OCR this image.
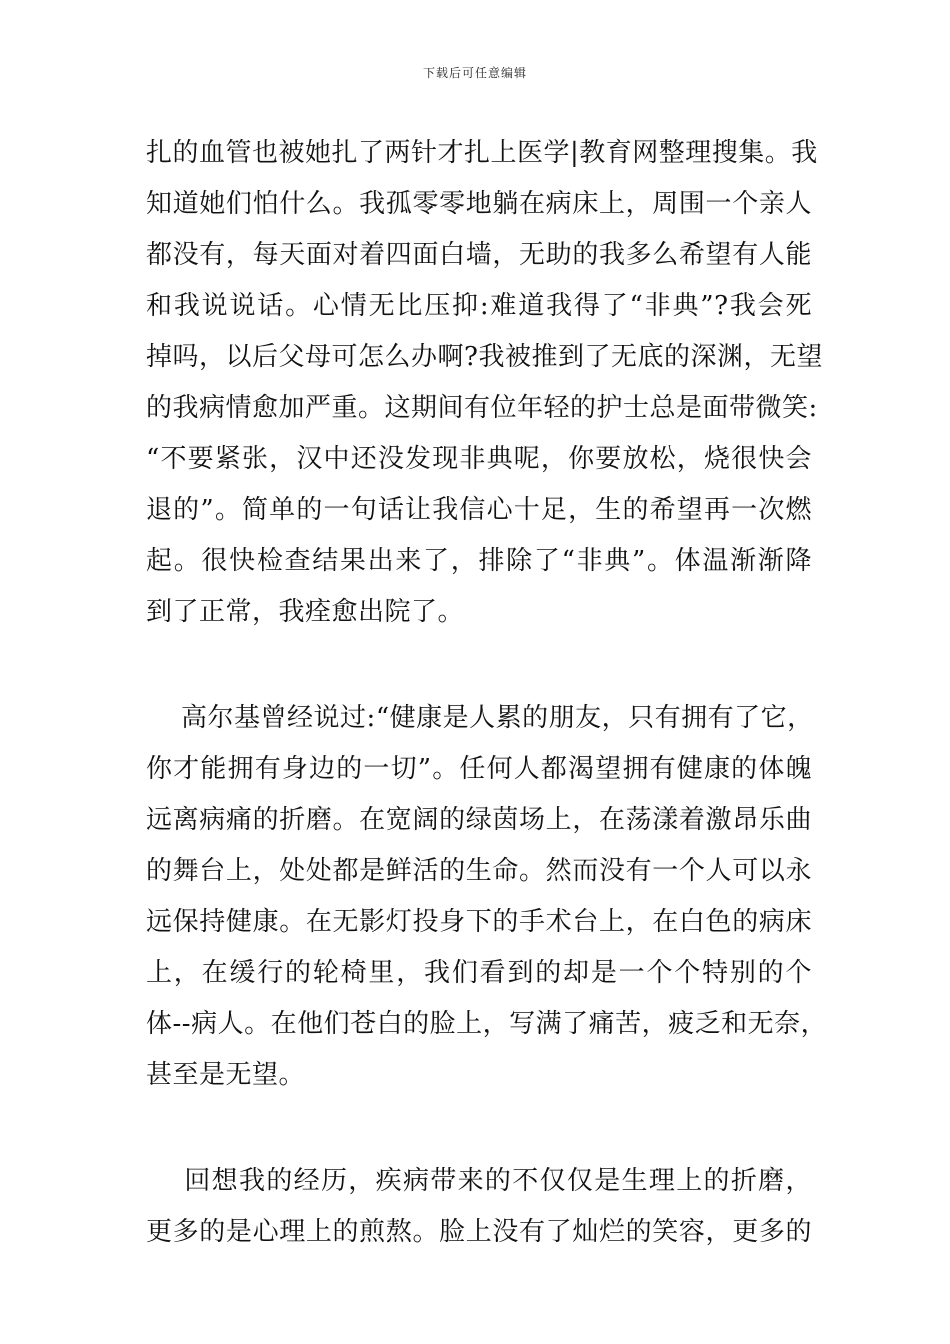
下载后可任意编辑
扎的血管也被她扎了两针才扎上医学|教育网整理搜集。我
知道她们怕什么。我孤零零地躺在病床上，周围一个亲人
都没有，每天面对着四面白墙，无助的我多么希望有人能
和我说说话。心情无比压抑:难道我得了“非典”?我会死
掉吗，以后父母可怎么办啊?我被推到了无底的深渊，无望
的我病情愈加严重。这期间有位年轻的护士总是面带微笑:
“不要紧张，汉中还没发现非典呢，你要放松，烧很快会
退的”。简单的一句话让我信心十足，生的希望再一次燃
起。很快检查结果出来了，排除了“非典”。体温渐渐降
到了正常，我痊愈出院了。
高尔基曾经说过:“健康是人累的朋友，只有拥有了它，
你才能拥有身边的一切”。任何人都渴望拥有健康的体魄
远离病痛的折磨。在宽阔的绿茵场上，在荡漾着激昂乐曲
的舞台上，处处都是鲜活的生命。然而没有一个人可以永
远保持健康。在无影灯投身下的手术台上，在白色的病床
上，在缓行的轮椅里，我们看到的却是一个个特别的个
体--病人。在他们苍白的脸上，写满了痛苦，疲乏和无奈，
甚至是无望。
回想我的经历，疾病带来的不仅仅是生理上的折磨，
更多的是心理上的煎熬。脸上没有了灿烂的笑容，更多的
